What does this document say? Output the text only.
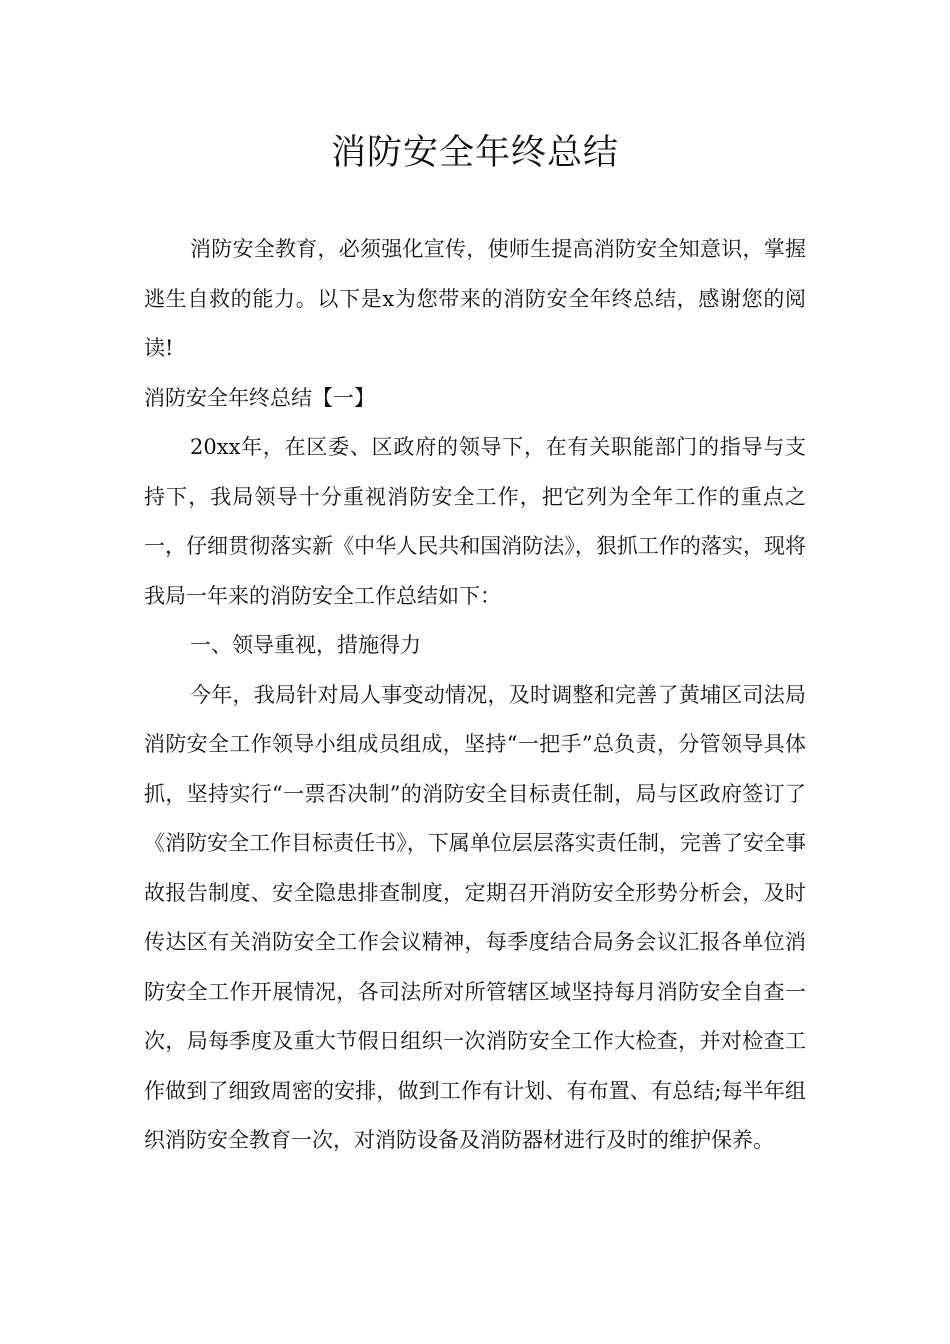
消防安全年终总结

消防安全教育，必须强化宣传，使师生提高消防安全知意识，掌握逃生自救的能力。以下是x为您带来的消防安全年终总结，感谢您的阅读!

消防安全年终总结【一】

20xx年，在区委、区政府的领导下，在有关职能部门的指导与支持下，我局领导十分重视消防安全工作，把它列为全年工作的重点之一，仔细贯彻落实新《中华人民共和国消防法》，狠抓工作的落实，现将我局一年来的消防安全工作总结如下：

一、领导重视，措施得力

今年，我局针对局人事变动情况，及时调整和完善了黄埔区司法局消防安全工作领导小组成员组成，坚持“一把手”总负责，分管领导具体抓，坚持实行“一票否决制”的消防安全目标责任制，局与区政府签订了《消防安全工作目标责任书》，下属单位层层落实责任制，完善了安全事故报告制度、安全隐患排查制度，定期召开消防安全形势分析会，及时传达区有关消防安全工作会议精神，每季度结合局务会议汇报各单位消防安全工作开展情况，各司法所对所管辖区域坚持每月消防安全自查一次，局每季度及重大节假日组织一次消防安全工作大检查，并对检查工作做到了细致周密的安排，做到工作有计划、有布置、有总结;每半年组织消防安全教育一次，对消防设备及消防器材进行及时的维护保养。
